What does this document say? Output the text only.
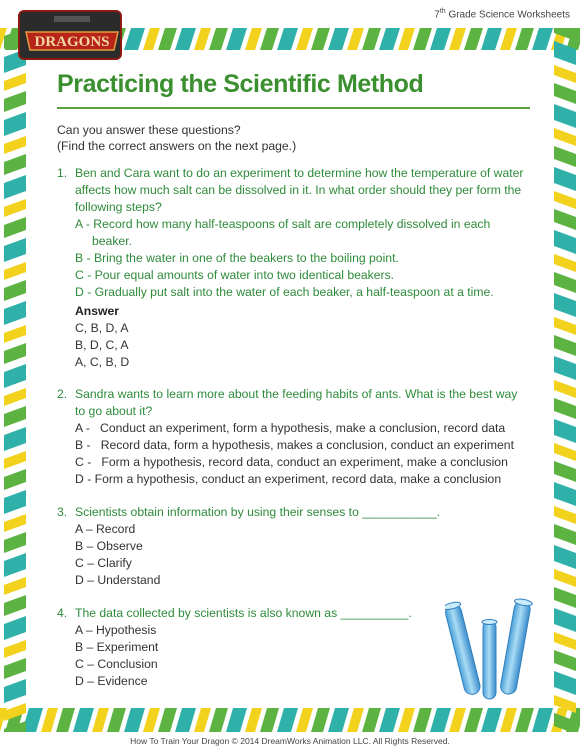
DRAGONS
7th Grade Science Worksheets
Practicing the Scientific Method
Can you answer these questions?
(Find the correct answers on the next page.)
1. Ben and Cara want to do an experiment to determine how the temperature of water affects how much salt can be dissolved in it. In what order should they per form the following steps?
A - Record how many half-teaspoons of salt are completely dissolved in each beaker.
B - Bring the water in one of the beakers to the boiling point.
C - Pour equal amounts of water into two identical beakers.
D - Gradually put salt into the water of each beaker, a half-teaspoon at a time.
Answer
C, B, D, A
B, D, C, A
A, C, B, D
2. Sandra wants to learn more about the feeding habits of ants. What is the best way to go about it?
A -   Conduct an experiment, form a hypothesis, make a conclusion, record data
B -   Record data, form a hypothesis, makes a conclusion, conduct an experiment
C -   Form a hypothesis, record data, conduct an experiment, make a conclusion
D - Form a hypothesis, conduct an experiment, record data, make a conclusion
3. Scientists obtain information by using their senses to ___________.
A – Record
B – Observe
C – Clarify
D – Understand
4. The data collected by scientists is also known as __________.
A – Hypothesis
B – Experiment
C – Conclusion
D – Evidence
How To Train Your Dragon © 2014 DreamWorks Animation LLC. All Rights Reserved.
